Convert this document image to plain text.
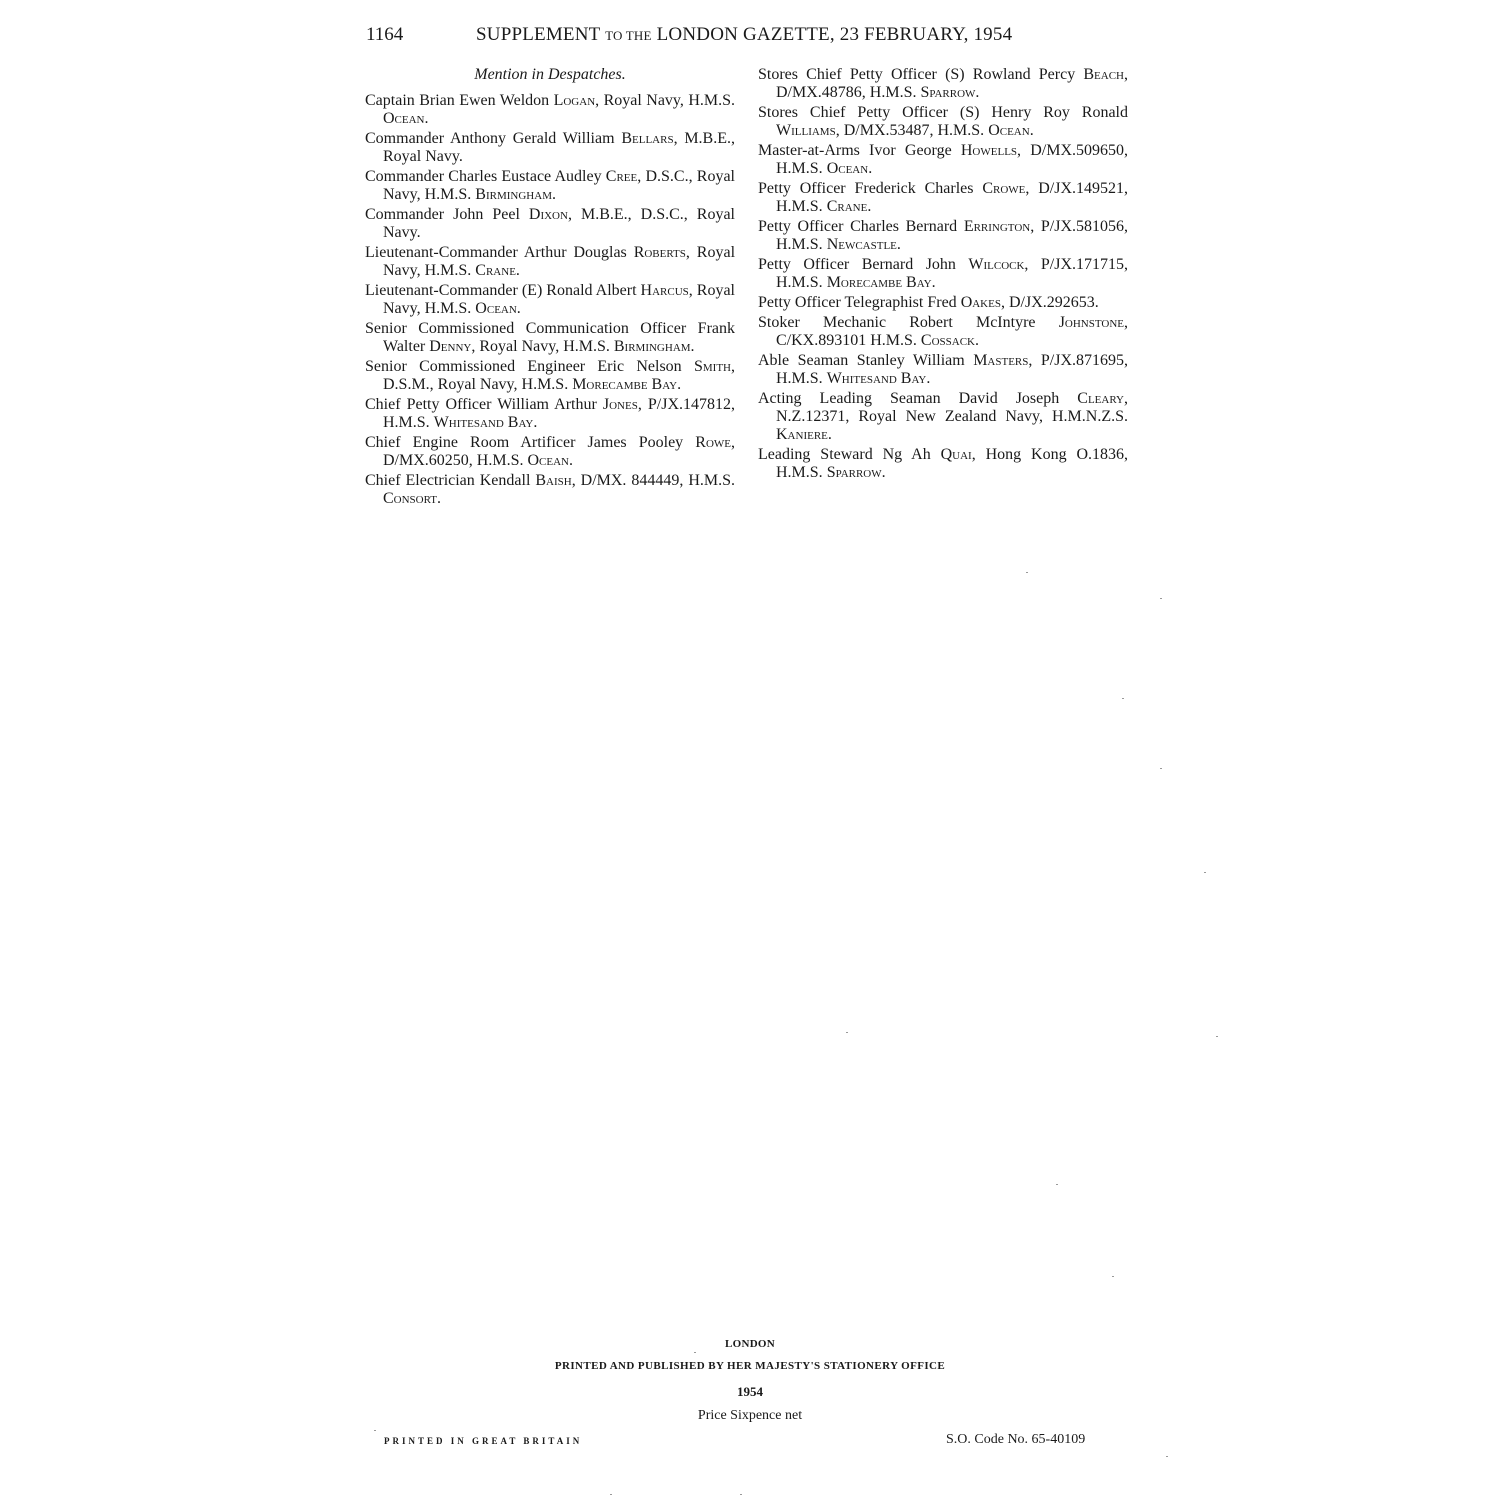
1164	SUPPLEMENT TO THE LONDON GAZETTE, 23 FEBRUARY, 1954
Mention in Despatches.
Captain Brian Ewen Weldon Logan, Royal Navy, H.M.S. Ocean.
Commander Anthony Gerald William Bellars, M.B.E., Royal Navy.
Commander Charles Eustace Audley Cree, D.S.C., Royal Navy, H.M.S. Birmingham.
Commander John Peel Dixon, M.B.E., D.S.C., Royal Navy.
Lieutenant-Commander Arthur Douglas Roberts, Royal Navy, H.M.S. Crane.
Lieutenant-Commander (E) Ronald Albert Harcus, Royal Navy, H.M.S. Ocean.
Senior Commissioned Communication Officer Frank Walter Denny, Royal Navy, H.M.S. Birmingham.
Senior Commissioned Engineer Eric Nelson Smith, D.S.M., Royal Navy, H.M.S. Morecambe Bay.
Chief Petty Officer William Arthur Jones, P/JX.147812, H.M.S. Whitesand Bay.
Chief Engine Room Artificer James Pooley Rowe, D/MX.60250, H.M.S. Ocean.
Chief Electrician Kendall Baish, D/MX. 844449, H.M.S. Consort.
Stores Chief Petty Officer (S) Rowland Percy Beach, D/MX.48786, H.M.S. Sparrow.
Stores Chief Petty Officer (S) Henry Roy Ronald Williams, D/MX.53487, H.M.S. Ocean.
Master-at-Arms Ivor George Howells, D/MX.509650, H.M.S. Ocean.
Petty Officer Frederick Charles Crowe, D/JX.149521, H.M.S. Crane.
Petty Officer Charles Bernard Errington, P/JX.581056, H.M.S. Newcastle.
Petty Officer Bernard John Wilcock, P/JX.171715, H.M.S. Morecambe Bay.
Petty Officer Telegraphist Fred Oakes, D/JX.292653.
Stoker Mechanic Robert McIntyre Johnstone, C/KX.893101 H.M.S. Cossack.
Able Seaman Stanley William Masters, P/JX.871695, H.M.S. Whitesand Bay.
Acting Leading Seaman David Joseph Cleary, N.Z.12371, Royal New Zealand Navy, H.M.N.Z.S. Kaniere.
Leading Steward Ng Ah Quai, Hong Kong O.1836, H.M.S. Sparrow.
LONDON
PRINTED AND PUBLISHED BY HER MAJESTY'S STATIONERY OFFICE
1954
Price Sixpence net
PRINTED IN GREAT BRITAIN	S.O. Code No. 65-40109
